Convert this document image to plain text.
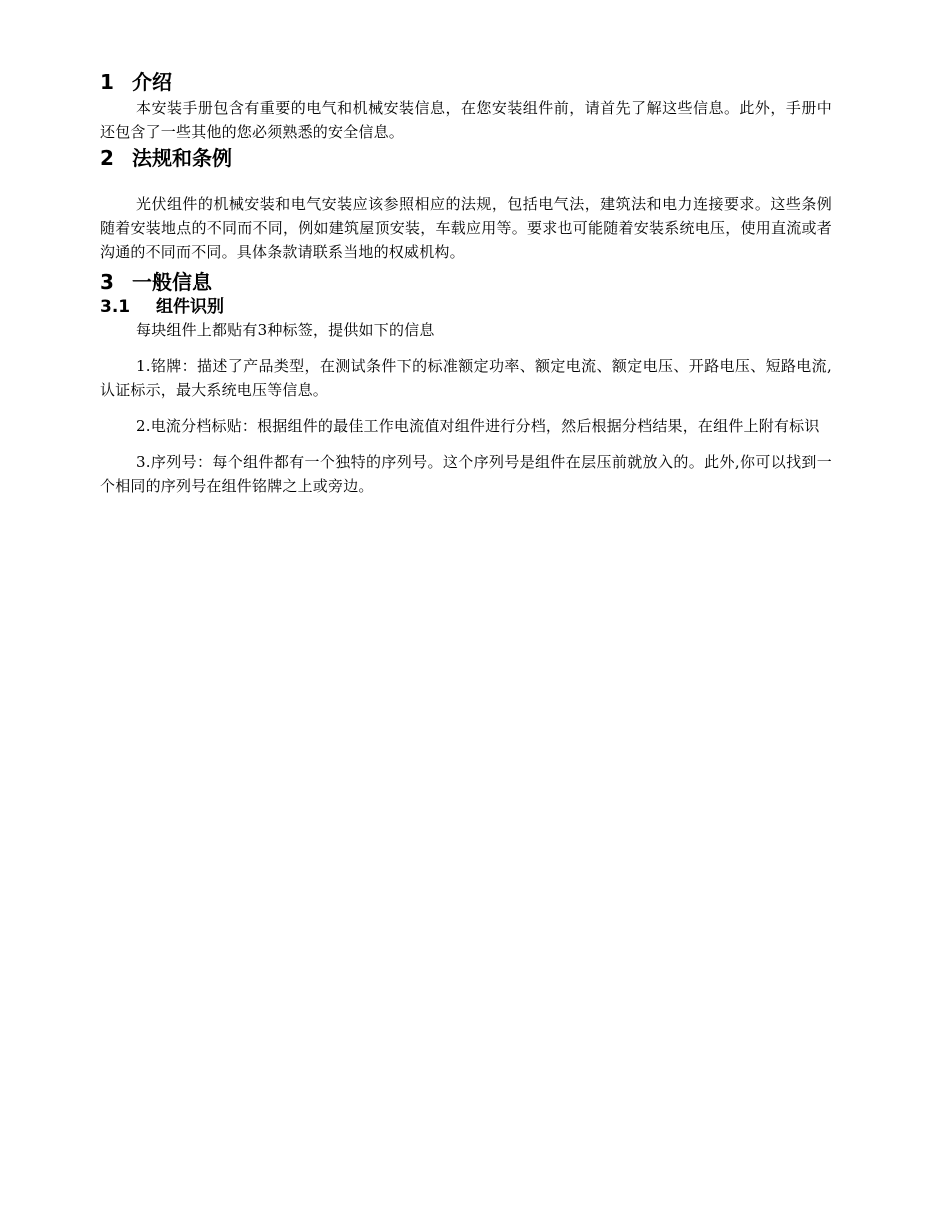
1 介绍

本安装手册包含有重要的电气和机械安装信息，在您安装组件前，请首先了解这些信息。此外，手册中还包含了一些其他的您必须熟悉的安全信息。

2 法规和条例

光伏组件的机械安装和电气安装应该参照相应的法规，包括电气法，建筑法和电力连接要求。这些条例随着安装地点的不同而不同，例如建筑屋顶安装，车载应用等。要求也可能随着安装系统电压，使用直流或者沟通的不同而不同。具体条款请联系当地的权威机构。

3 一般信息
3.1	组件识别

每块组件上都贴有3种标签，提供如下的信息

1.铭牌：描述了产品类型，在测试条件下的标准额定功率、额定电流、额定电压、开路电压、短路电流,认证标示，最大系统电压等信息。

2.电流分档标贴：根据组件的最佳工作电流值对组件进行分档，然后根据分档结果，在组件上附有标识

3.序列号：每个组件都有一个独特的序列号。这个序列号是组件在层压前就放入的。此外,你可以找到一个相同的序列号在组件铭牌之上或旁边。
